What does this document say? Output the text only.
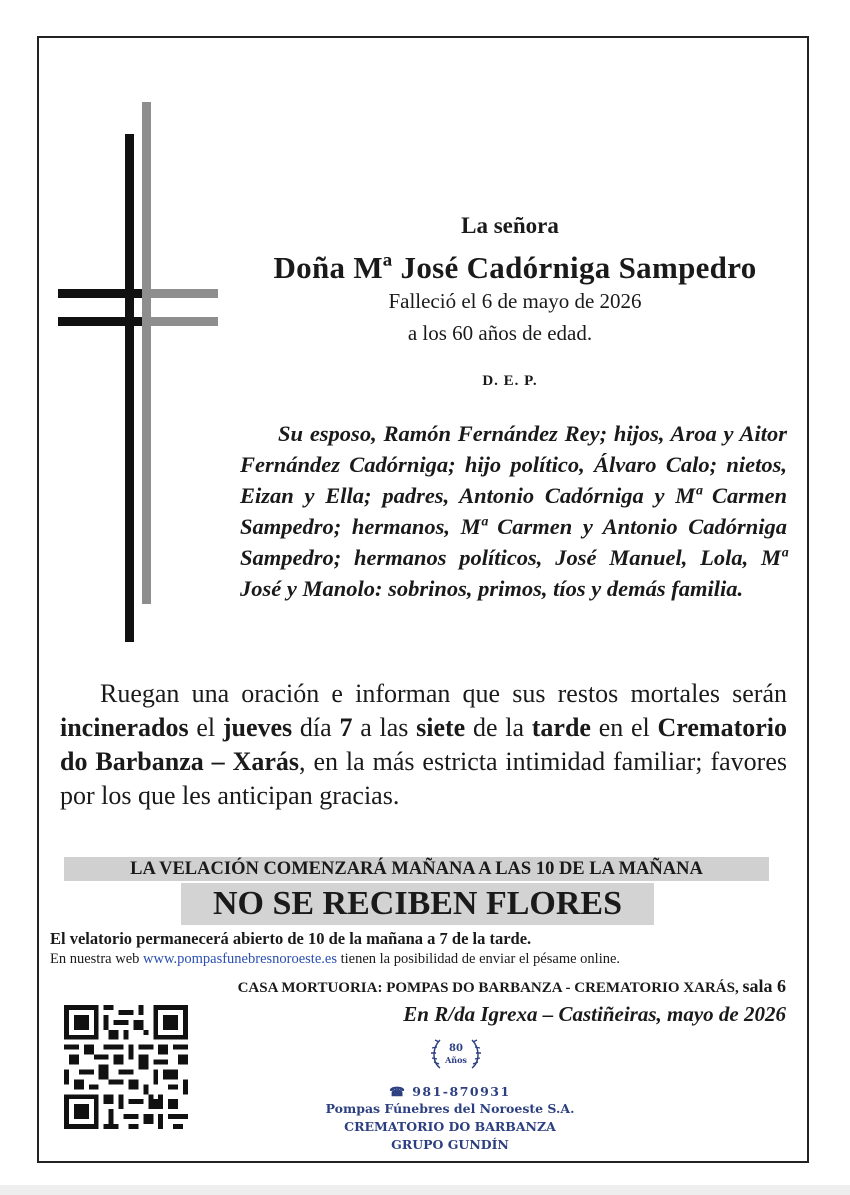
La señora
Doña Mª José Cadórniga Sampedro
Falleció el 6 de mayo de 2026
a los 60 años de edad.
D. E. P.
Su esposo, Ramón Fernández Rey; hijos, Aroa y Aitor Fernández Cadórniga; hijo político, Álvaro Calo; nietos, Eizan y Ella; padres, Antonio Cadórniga y Mª Carmen Sampedro; hermanos, Mª Carmen y Antonio Cadórniga Sampedro; hermanos políticos, José Manuel, Lola, Mª José y Manolo: sobrinos, primos, tíos y demás familia.
Ruegan una oración e informan que sus restos mortales serán incinerados el jueves día 7 a las siete de la tarde en el Crematorio do Barbanza – Xarás, en la más estricta intimidad familiar; favores por los que les anticipan gracias.
LA VELACIÓN COMENZARÁ MAÑANA A LAS 10 DE LA MAÑANA
NO SE RECIBEN FLORES
El velatorio permanecerá abierto de 10 de la mañana a 7 de la tarde.
En nuestra web www.pompasfunebresnoroeste.es tienen la posibilidad de enviar el pésame online.
CASA MORTUORIA: POMPAS DO BARBANZA - CREMATORIO XARÁS, sala 6
En R/da Igrexa – Castiñeiras, mayo de 2026
80
Años
☎ 981-870931
Pompas Fúnebres del Noroeste S.A.
CREMATORIO DO BARBANZA
GRUPO GUNDÍN
